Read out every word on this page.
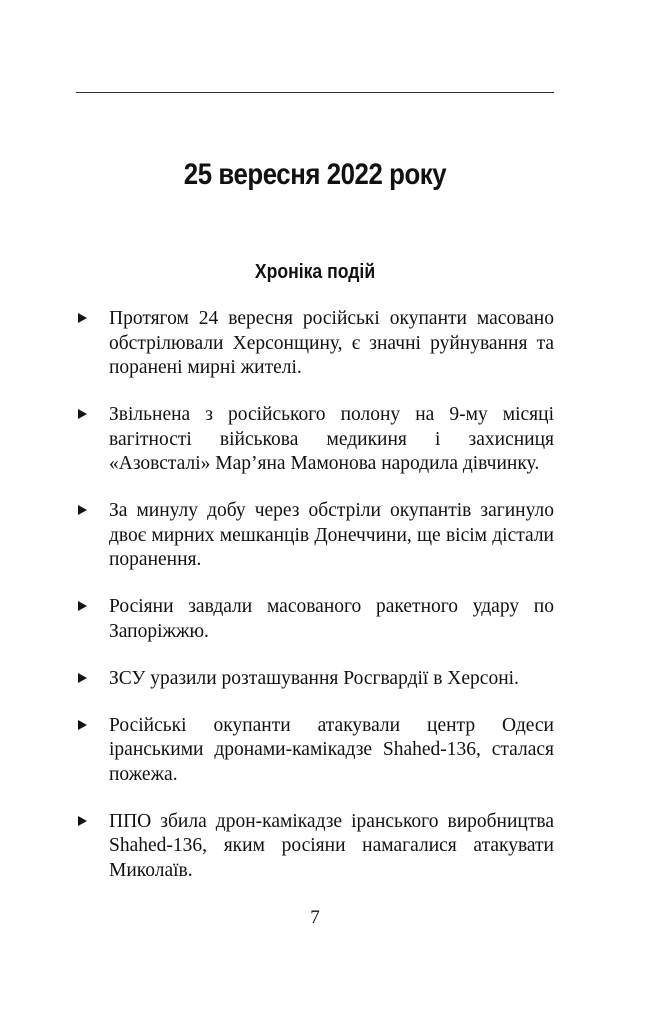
25 вересня 2022 року
Хроніка подій
Протягом 24 вересня російські окупанти масовано обстрілювали Херсонщину, є значні руйнування та поранені мирні жителі.
Звільнена з російського полону на 9-му місяці вагітності військова медикиня і захисниця «Азовсталі» Мар’яна Мамонова народила дівчинку.
За минулу добу через обстріли окупантів загинуло двоє мирних мешканців Донеччини, ще вісім дістали поранення.
Росіяни завдали масованого ракетного удару по Запоріжжю.
ЗСУ уразили розташування Росгвардії в Херсоні.
Російські окупанти атакували центр Одеси іранськими дронами-камікадзе Shahed-136, сталася пожежа.
ППО збила дрон-камікадзе іранського виробництва Shahed-136, яким росіяни намагалися атакувати Миколаїв.
7
